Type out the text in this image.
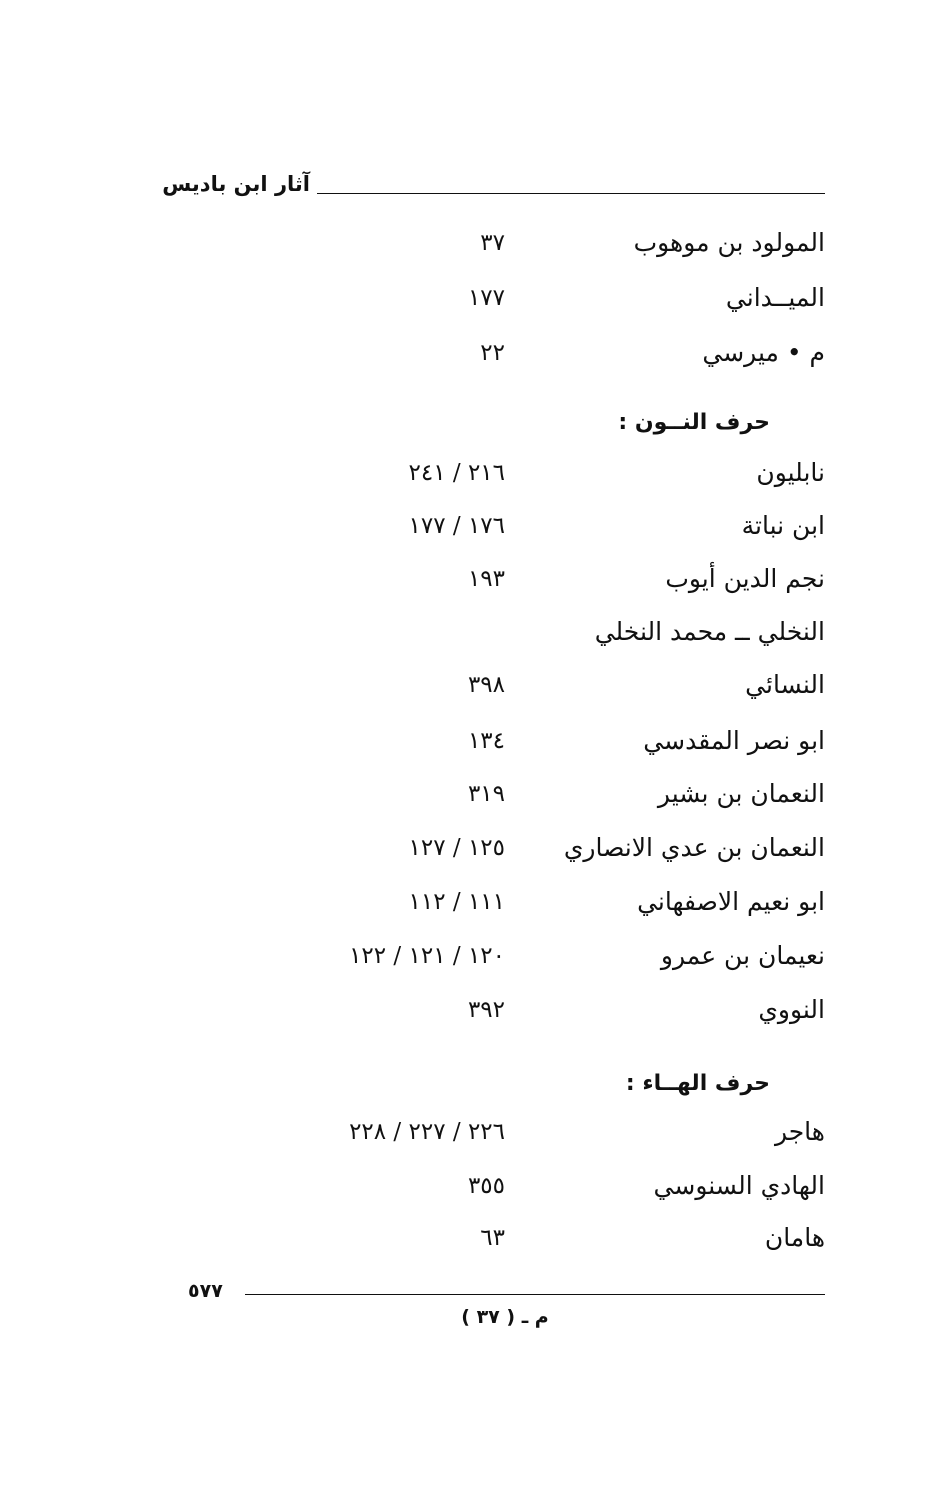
آثار ابن باديس
المولود بن موهوب
٣٧
الميــداني
١٧٧
م • ميرسي
٢٢
حرف النــون :
نابليون
٢١٦ / ٢٤١
ابن نباتة
١٧٦ / ١٧٧
نجم الدين أيوب
١٩٣
النخلي ــ محمد النخلي
النسائي
٣٩٨
ابو نصر المقدسي
١٣٤
النعمان بن بشير
٣١٩
النعمان بن عدي الانصاري
١٢٥ / ١٢٧
ابو نعيم الاصفهاني
١١١ / ١١٢
نعيمان بن عمرو
١٢٠ / ١٢١ / ١٢٢
النووي
٣٩٢
حرف الهــاء :
هاجر
٢٢٦ / ٢٢٧ / ٢٢٨
الهادي السنوسي
٣٥٥
هامان
٦٣
٥٧٧
م ـ ( ٣٧ )
